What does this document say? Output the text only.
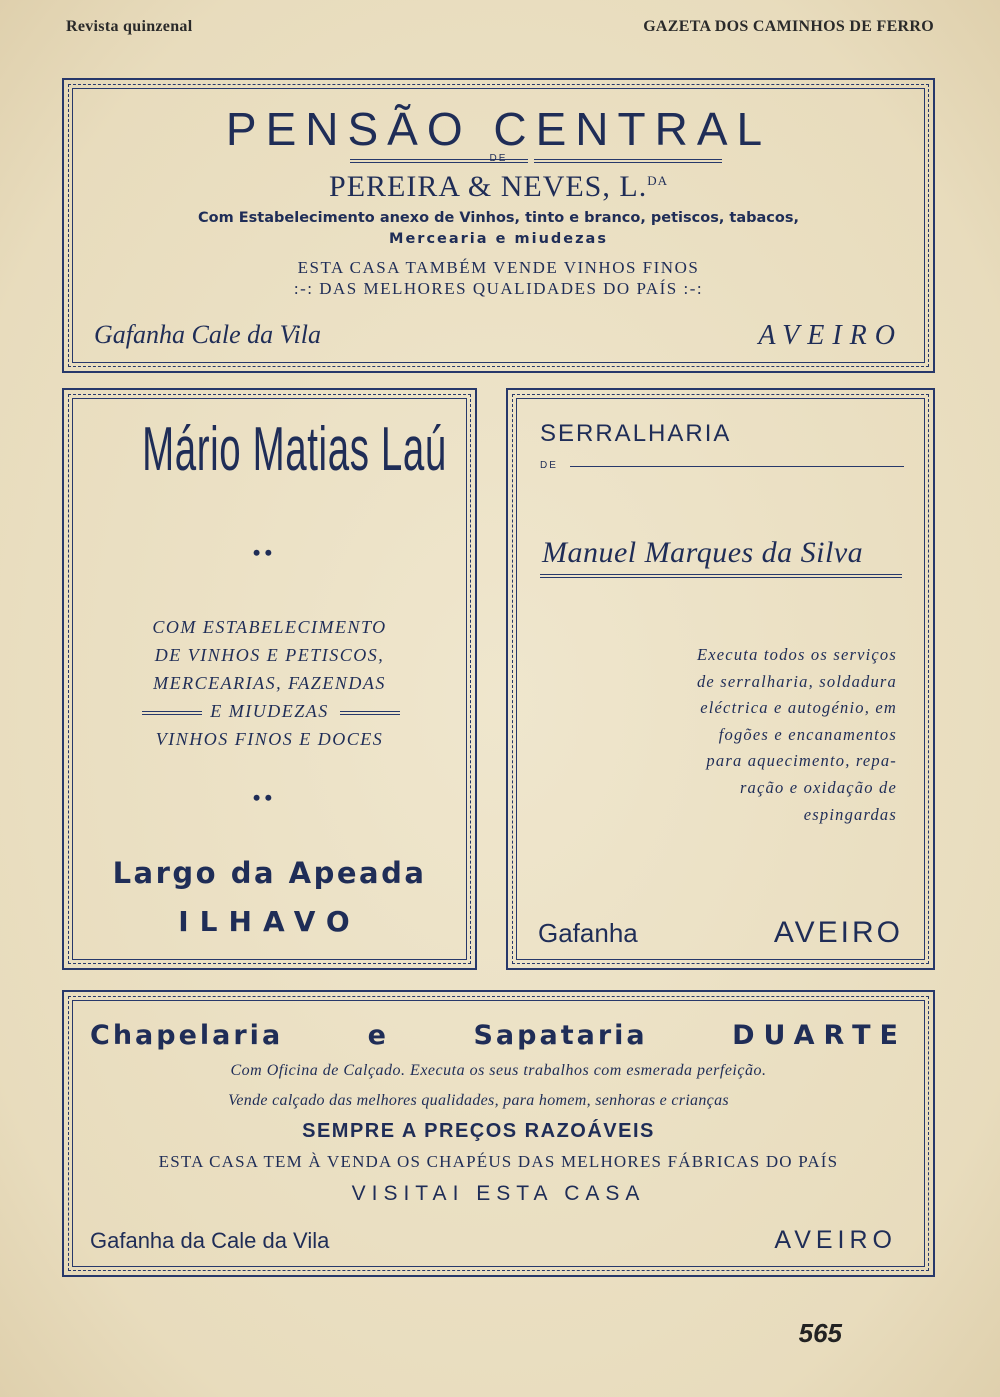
Revista quinzenal	GAZETA DOS CAMINHOS DE FERRO
PENSÃO CENTRAL
DE
PEREIRA & NEVES, L.$^{DA}$
Com Estabelecimento anexo de Vinhos, tinto e branco, petiscos, tabacos,
Mercearia e miudezas
ESTA CASA TAMBÉM VENDE VINHOS FINOS
:-: DAS MELHORES QUALIDADES DO PAÍS :-:
Gafanha Cale da Vila	AVEIRO
Mário Matias Laú
••
COM ESTABELECIMENTO
DE VINHOS E PETISCOS,
MERCEARIAS, FAZENDAS
E MIUDEZAS
VINHOS FINOS E DOCES
••
Largo da Apeada
ILHAVO
SERRALHARIA
DE
Manuel Marques da Silva
Executa todos os serviços
de serralharia, soldadura
eléctrica e autogénio, em
fogões e encanamentos
para aquecimento, repa-
ração e oxidação de
espingardas
Gafanha	AVEIRO
Chapelaria	e	Sapataria	DUARTE
Com Oficina de Calçado. Executa os seus trabalhos com esmerada perfeição.
Vende calçado das melhores qualidades, para homem, senhoras e crianças
SEMPRE A PREÇOS RAZOÁVEIS
ESTA CASA TEM À VENDA OS CHAPÉUS DAS MELHORES FÁBRICAS DO PAÍS
VISITAI ESTA CASA
Gafanha da Cale da Vila	AVEIRO
565
